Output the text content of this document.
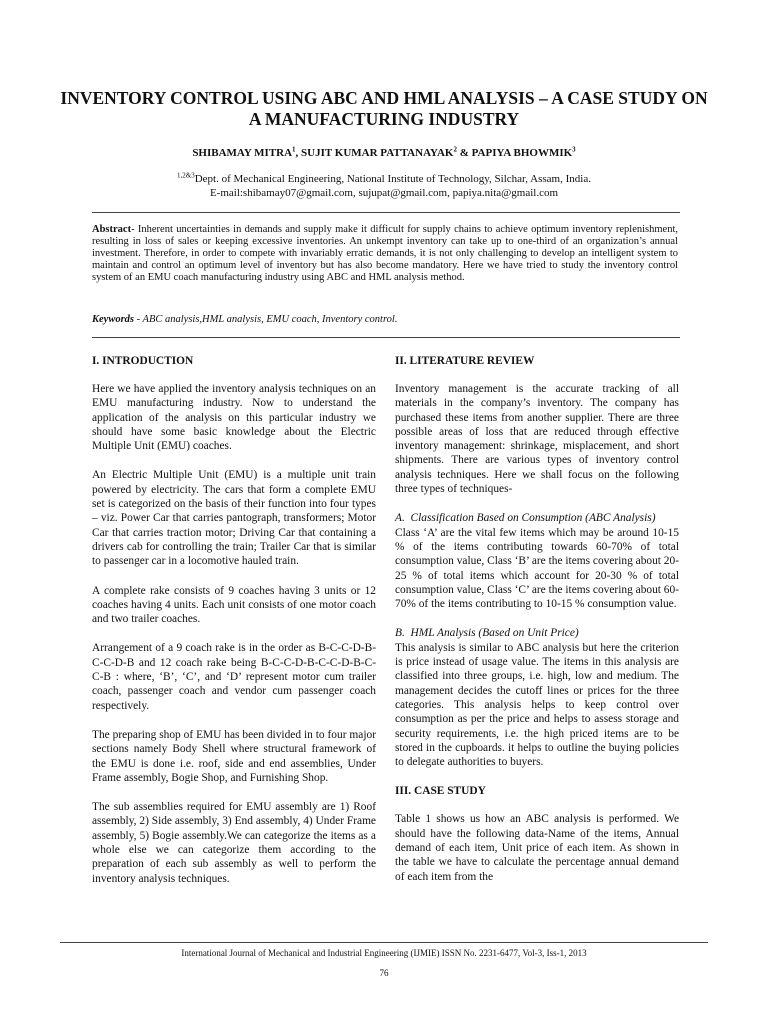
INVENTORY CONTROL USING ABC AND HML ANALYSIS – A CASE STUDY ON A MANUFACTURING INDUSTRY
SHIBAMAY MITRA$^1$, SUJIT KUMAR PATTANAYAK$^2$ & PAPIYA BHOWMIK$^3$
$^{1,2\&3}$Dept. of Mechanical Engineering, National Institute of Technology, Silchar, Assam, India.
E-mail:shibamay07@gmail.com, sujupat@gmail.com, papiya.nita@gmail.com
Abstract- Inherent uncertainties in demands and supply make it difficult for supply chains to achieve optimum inventory replenishment, resulting in loss of sales or keeping excessive inventories. An unkempt inventory can take up to one-third of an organization’s annual investment. Therefore, in order to compete with invariably erratic demands, it is not only challenging to develop an intelligent system to maintain and control an optimum level of inventory but has also become mandatory. Here we have tried to study the inventory control system of an EMU coach manufacturing industry using ABC and HML analysis method.
Keywords - ABC analysis,HML analysis, EMU coach, Inventory control.
I. INTRODUCTION

Here we have applied the inventory analysis techniques on an EMU manufacturing industry. Now to understand the application of the analysis on this particular industry we should have some basic knowledge about the Electric Multiple Unit (EMU) coaches.

An Electric Multiple Unit (EMU) is a multiple unit train powered by electricity. The cars that form a complete EMU set is categorized on the basis of their function into four types – viz. Power Car that carries pantograph, transformers; Motor Car that carries traction motor; Driving Car that containing a drivers cab for controlling the train; Trailer Car that is similar to passenger car in a locomotive hauled train.

A complete rake consists of 9 coaches having 3 units or 12 coaches having 4 units. Each unit consists of one motor coach and two trailer coaches.

Arrangement of a 9 coach rake is in the order as B-C-C-D-B-C-C-D-B and 12 coach rake being B-C-C-D-B-C-C-D-B-C-C-B : where, ‘B’, ‘C’, and ‘D’ represent motor cum trailer coach, passenger coach and vendor cum passenger coach respectively.

The preparing shop of EMU has been divided in to four major sections namely Body Shell where structural framework of the EMU is done i.e. roof, side and end assemblies, Under Frame assembly, Bogie Shop, and Furnishing Shop.

The sub assemblies required for EMU assembly are 1) Roof assembly, 2) Side assembly, 3) End assembly, 4) Under Frame assembly, 5) Bogie assembly.We can categorize the items as a whole else we can categorize them according to the preparation of each sub assembly as well to perform the inventory analysis techniques.

II. LITERATURE REVIEW

Inventory management is the accurate tracking of all materials in the company’s inventory. The company has purchased these items from another supplier. There are three possible areas of loss that are reduced through effective inventory management: shrinkage, misplacement, and short shipments. There are various types of inventory control analysis techniques. Here we shall focus on the following three types of techniques-

A.  Classification Based on Consumption (ABC Analysis)

Class ‘A’ are the vital few items which may be around 10-15 % of the items contributing towards 60-70% of total consumption value, Class ‘B’ are the items covering about 20-25 % of total items which account for 20-30 % of total consumption value, Class ‘C’ are the items covering about 60-70% of the items contributing to 10-15 % consumption value.

B.  HML Analysis (Based on Unit Price)

This analysis is similar to ABC analysis but here the criterion is price instead of usage value. The items in this analysis are classified into three groups, i.e. high, low and medium. The management decides the cutoff lines or prices for the three categories. This analysis helps to keep control over consumption as per the price and helps to assess storage and security requirements, i.e. the high priced items are to be stored in the cupboards. it helps to outline the buying policies to delegate authorities to buyers.

III. CASE STUDY

Table 1 shows us how an ABC analysis is performed. We should have the following data-Name of the items, Annual demand of each item, Unit price of each item. As shown in the table we have to calculate the percentage annual demand of each item from the

International Journal of Mechanical and Industrial Engineering (IJMIE) ISSN No. 2231-6477, Vol-3, Iss-1, 2013
76
